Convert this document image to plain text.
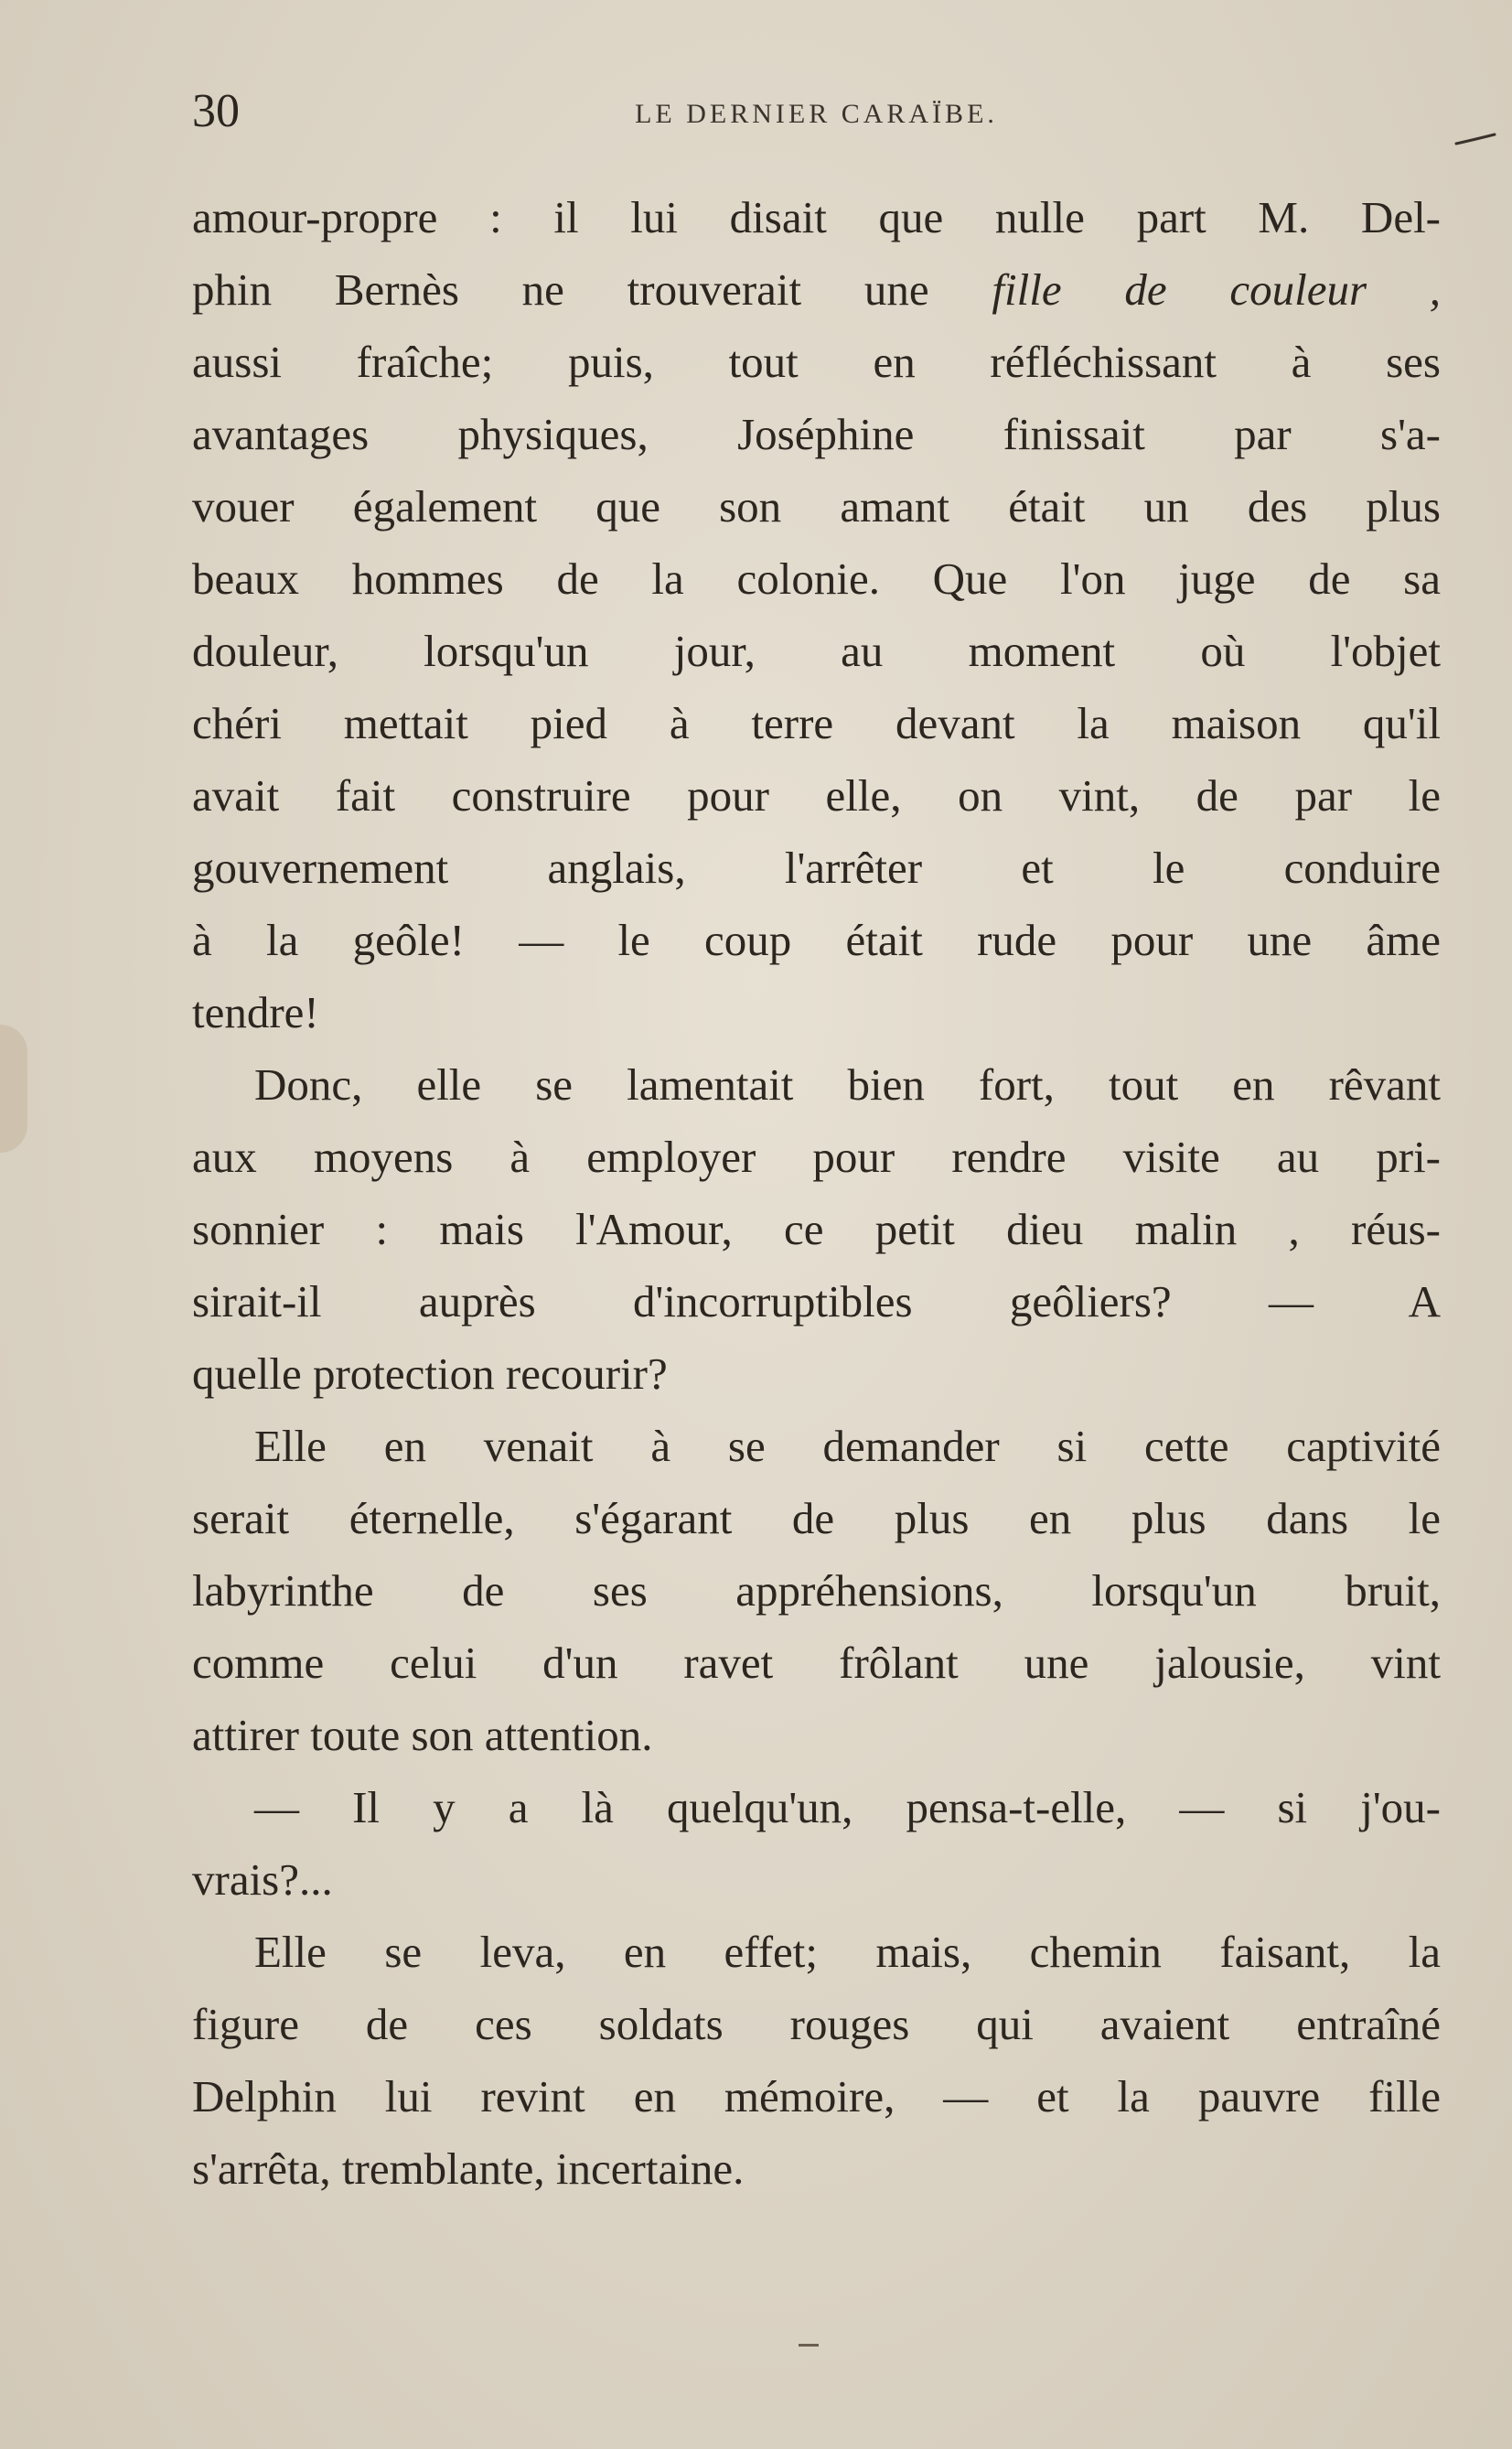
30	LE DERNIER CARAÏBE.
amour-propre : il lui disait que nulle part M. Del-
phin Bernès ne trouverait une fille de couleur ,
aussi fraîche; puis, tout en réfléchissant à ses
avantages physiques, Joséphine finissait par s'a-
vouer également que son amant était un des plus
beaux hommes de la colonie. Que l'on juge de sa
douleur, lorsqu'un jour, au moment où l'objet
chéri mettait pied à terre devant la maison qu'il
avait fait construire pour elle, on vint, de par le
gouvernement anglais, l'arrêter et le conduire
à la geôle! — le coup était rude pour une âme
tendre!
Donc, elle se lamentait bien fort, tout en rêvant
aux moyens à employer pour rendre visite au pri-
sonnier : mais l'Amour, ce petit dieu malin , réus-
sirait-il auprès d'incorruptibles geôliers? — A
quelle protection recourir?
Elle en venait à se demander si cette captivité
serait éternelle, s'égarant de plus en plus dans le
labyrinthe de ses appréhensions, lorsqu'un bruit,
comme celui d'un ravet frôlant une jalousie, vint
attirer toute son attention.
— Il y a là quelqu'un, pensa-t-elle, — si j'ou-
vrais?...
Elle se leva, en effet; mais, chemin faisant, la
figure de ces soldats rouges qui avaient entraîné
Delphin lui revint en mémoire, — et la pauvre fille
s'arrêta, tremblante, incertaine.
